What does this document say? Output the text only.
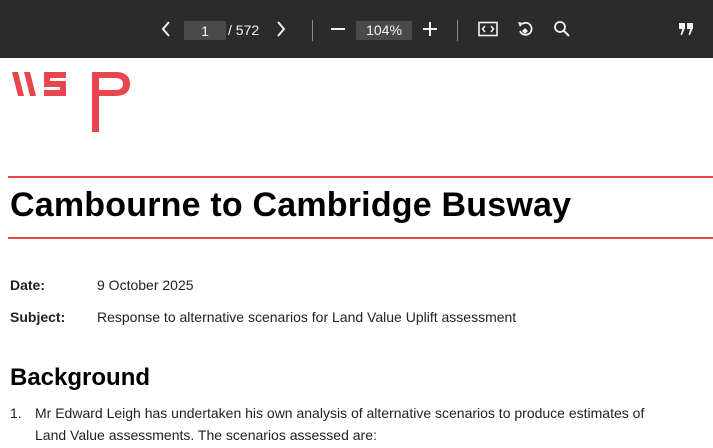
1
/ 572	104%
Cambourne to Cambridge Busway
Date:	9 October 2025
Subject: Response to alternative scenarios for Land Value Uplift assessment
Background
1. Mr Edward Leigh has undertaken his own analysis of alternative scenarios to produce estimates of
Land Value assessments. The scenarios assessed are:
